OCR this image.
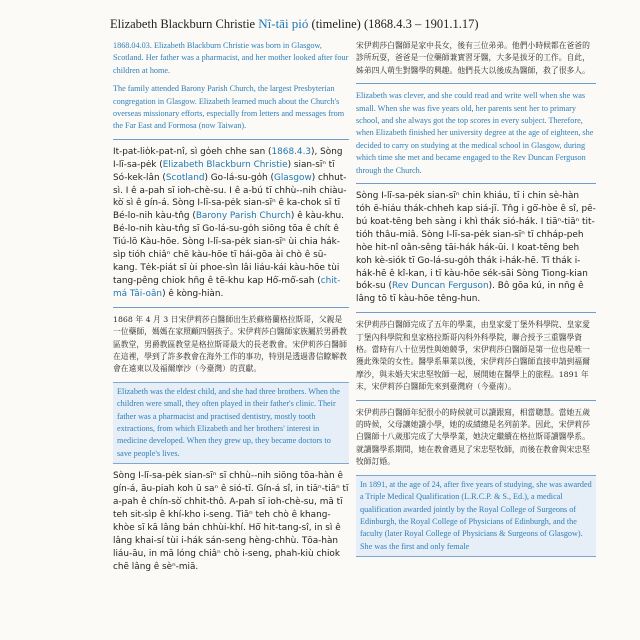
Elizabeth Blackburn Christie Nî-tāi pió (timeline) (1868.4.3 – 1901.1.17)
1868.04.03. Elizabeth Blackburn Christie was born in Glasgow, Scotland. Her father was a pharmacist, and her mother looked after four children at home.
The family attended Barony Parish Church, the largest Presbyterian congregation in Glasgow. Elizabeth learned much about the Church's overseas missionary efforts, especially from letters and messages from the Far East and Formosa (now Taiwan).
It-pat-lio̍k-pat-nî, sì go̍eh chhe san (1868.4.3), Sòng I-lī-sa-pėk (Elizabeth Blackburn Christie) sian-sīⁿ tī Só-kek-lân (Scotland) Go-lá-su-go̍h (Glasgow) chhut-sì. I ê a-pah sī ioh-chè-su. I ê a-bú tī chhù--nih chiàu-kò͘ sì ê gín-á. Sòng I-lī-sa-pėk sian-sīⁿ ê ka-chok sī tī Bé-lo-nih kàu-tn̂g (Barony Parish Church) ê kàu-khu. Bé-lo-nih kàu-tn̂g sī Go-lá-su-go̍h siōng tōa ê chít ê Tiú-lō Kàu-hōe. Sòng I-lī-sa-pėk sian-sīⁿ ùi chia hák-sìp tióh chiâⁿ chē kàu-hōe tī hái-gōa ài chò ê sū-kang. Tėk-piát sī ùi phoe-sìn lâi liáu-kái kàu-hōe tùi tang-pêng chiok hn̄g ê tē-khu kap Hô͘-mô͘-sah (chit-má Tâi-oân) ê kòng-hiàn.
1868 年 4 月 3 日宋伊莉莎白醫師出生於蘇格蘭格拉斯哥，父親是一位藥師，媽媽在家照顧四個孩子。宋伊莉莎白醫師家族屬於男爵教區教堂，男爵教區教堂是格拉斯哥最大的長老教會。宋伊莉莎白醫師在這裡，學到了許多教會在海外工作的事功，特別是透過書信瞭解教會在遠東以及福爾摩沙（今臺灣）的貢獻。
Elizabeth was the eldest child, and she had three brothers. When the children were small, they often played in their father's clinic. Their father was a pharmacist and practised dentistry, mostly tooth extractions, from which Elizabeth and her brothers' interest in medicine developed. When they grew up, they became doctors to save people's lives.
Sòng I-lī-sa-pėk sian-sīⁿ sī chhù--nih siōng tōa-hàn ê gín-á, āu-piah koh ū saⁿ ê sió-tī. Gín-á sî, in tiāⁿ-tiāⁿ tī a-pah ê chín-sò͘ chhit-thô. A-pah sī ioh-chè-su, mā tī teh sit-sìp ê khí-kho i-seng. Tiāⁿ teh chò ê khang-khòe sī kā lâng bán chhùi-khí. Hō͘ hit-tang-sî, in sì ê lâng khai-sí tùi i-hák sán-seng hèng-chhù. Tōa-hàn liáu-āu, in mā lóng chiâⁿ chò i-seng, phah-kiù chiok chē lâng ê sèⁿ-miā.
宋伊莉莎白醫師是家中長女，後有三位弟弟。他們小時候都在爸爸的診所玩耍，爸爸是一位藥師兼實習牙醫，大多是拔牙的工作。自此，姊弟四人萌生對醫學的興趣。他們長大以後成為醫師，救了很多人。
Elizabeth was clever, and she could read and write well when she was small. When she was five years old, her parents sent her to primary school, and she always got the top scores in every subject. Therefore, when Elizabeth finished her university degree at the age of eighteen, she decided to carry on studying at the medical school in Glasgow, during which time she met and became engaged to the Rev Duncan Ferguson through the Church.
Sòng I-lī-sa-pėk sian-sīⁿ chin khiáu, tī i chin sè-hàn tóh ē-hiáu thák-chheh kap siá-jī. Tn̂g i gō͘-hòe ê sî, pē-bú koat-tēng beh sàng i khì thák sió-hák. I tiāⁿ-tiāⁿ tit-tióh thâu-miâ. Sòng I-lī-sa-pėk sian-sīⁿ tī chháp-peh hòe hit-nî oân-sêng tāi-hák hák-ūi. I koat-tēng beh koh kè-siók tī Go-lá-su-go̍h thák i-hák-hē. Tī thák i-hák-hē ê kî-kan, i tī kàu-hōe sék-sāi Sòng Tiong-kian bók-su (Rev Duncan Ferguson). Bô gōa kú, in nn̄g ê lâng tō tī kàu-hōe têng-hun.
宋伊莉莎白醫師完成了五年的學業，由皇家愛丁堡外科學院、皇家愛丁堡內科學院和皇家格拉斯哥內科外科學院，聯合授予三重醫學資格。當時有八十位男性與她競爭，宋伊莉莎白醫師是第一位也是唯一獲此殊榮的女性。醫學系畢業以後，宋伊莉莎白醫師直接申請到福爾摩沙，與未婚夫宋忠堅牧師一起，展開她在醫學上的旅程。1891 年末，宋伊莉莎白醫師先來到臺灣府（今臺南）。
宋伊莉莎白醫師年紀很小的時候就可以讀跟寫，相當聰慧。當她五歲的時候，父母讓她讀小學，她的成績總是名列前茅。因此，宋伊莉莎白醫師十八歲那完成了大學學業，她決定繼續在格拉斯哥讀醫學系。就讀醫學系期間，她在教會遇見了宋忠堅牧師，而後在教會與宋忠堅牧師訂婚。
In 1891, at the age of 24, after five years of studying, she was awarded a Triple Medical Qualification (L.R.C.P. & S., Ed.), a medical qualification awarded jointly by the Royal College of Surgeons of Edinburgh, the Royal College of Physicians of Edinburgh, and the faculty (later Royal College of Physicians & Surgeons of Glasgow). She was the first and only female
